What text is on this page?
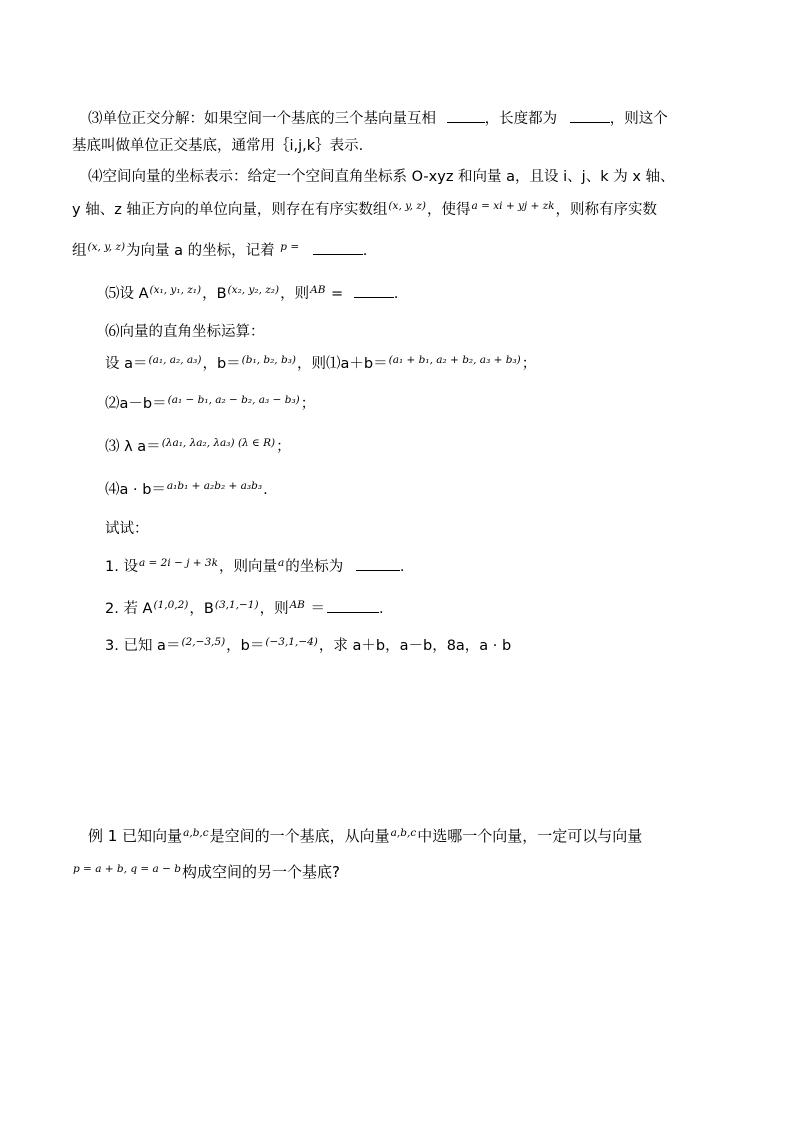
⑶单位正交分解：如果空间一个基底的三个基向量互相	，长度都为	，则这个
基底叫做单位正交基底，通常用｛i,j,k｝表示.
⑷空间向量的坐标表示：给定一个空间直角坐标系 O-xyz 和向量 a，且设 i、j、k 为 x 轴、
y 轴、z 轴正方向的单位向量，则存在有序实数组$^{(x, y, z)}$，使得$^{a = xi + yj + zk}$，则称有序实数
组$^{(x, y, z)}$为向量 a 的坐标，记着 $^{p =}$	.
⑸设 $A^{(x_1, y_1, z_1)}$，$B^{(x_2, y_2, z_2)}$，则$^{AB}$ =	.
⑹向量的直角坐标运算：
设 a＝$^{(a_1, a_2, a_3)}$，b＝$^{(b_1, b_2, b_3)}$，则⑴a＋b＝$^{(a_1 + b_1, a_2 + b_2, a_3 + b_3)}$；
⑵a－b＝$^{(a_1 - b_1, a_2 - b_2, a_3 - b_3)}$；
⑶ λ a＝$^{(\lambda a_1, \lambda a_2, \lambda a_3) (\lambda \in R)}$；
⑷a · b＝$^{a_1b_1 + a_2b_2 + a_3b_3}$.
试试：
1. 设$^{a = 2i - j + 3k}$，则向量$^a$的坐标为	.
2. 若 A$^{(1,0,2)}$，$B^{(3,1,-1)}$，则$^{AB}$ ＝	.
3. 已知 a＝$^{(2,-3,5)}$，b＝$^{(-3,1,-4)}$，求 a＋b，a－b，8a，a · b
例 1 已知向量$^{a,b,c}$是空间的一个基底，从向量$^{a,b,c}$中选哪一个向量，一定可以与向量
$^{p = a + b, q = a - b}$构成空间的另一个基底?
